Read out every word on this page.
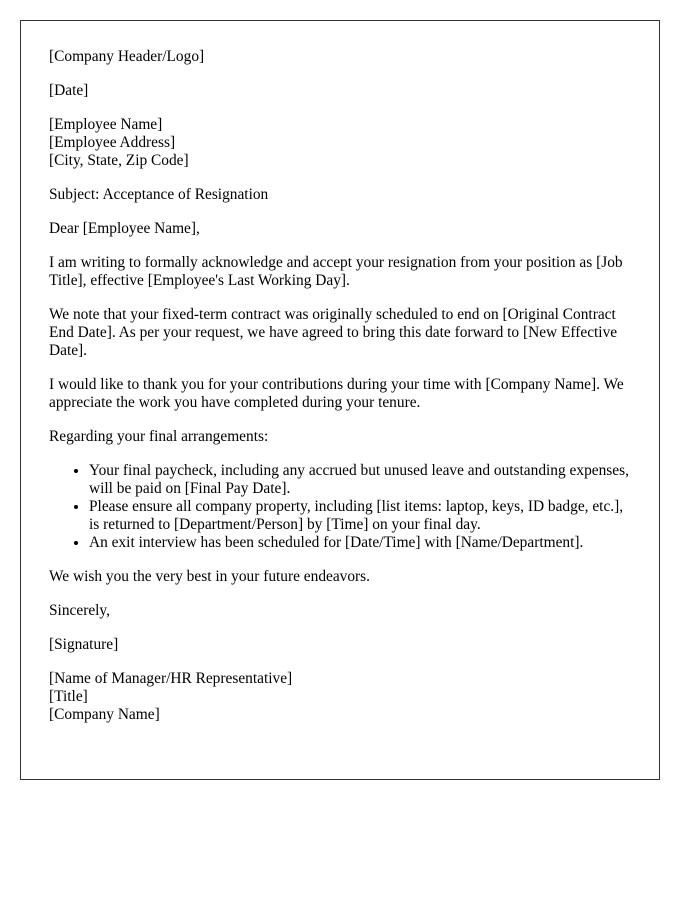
[Company Header/Logo]

[Date]

[Employee Name]
[Employee Address]
[City, State, Zip Code]

Subject: Acceptance of Resignation

Dear [Employee Name],

I am writing to formally acknowledge and accept your resignation from your position as [Job Title], effective [Employee's Last Working Day].

We note that your fixed-term contract was originally scheduled to end on [Original Contract End Date]. As per your request, we have agreed to bring this date forward to [New Effective Date].

I would like to thank you for your contributions during your time with [Company Name]. We appreciate the work you have completed during your tenure.

Regarding your final arrangements:

• Your final paycheck, including any accrued but unused leave and outstanding expenses, will be paid on [Final Pay Date].
• Please ensure all company property, including [list items: laptop, keys, ID badge, etc.], is returned to [Department/Person] by [Time] on your final day.
• An exit interview has been scheduled for [Date/Time] with [Name/Department].

We wish you the very best in your future endeavors.

Sincerely,

[Signature]

[Name of Manager/HR Representative]
[Title]
[Company Name]
